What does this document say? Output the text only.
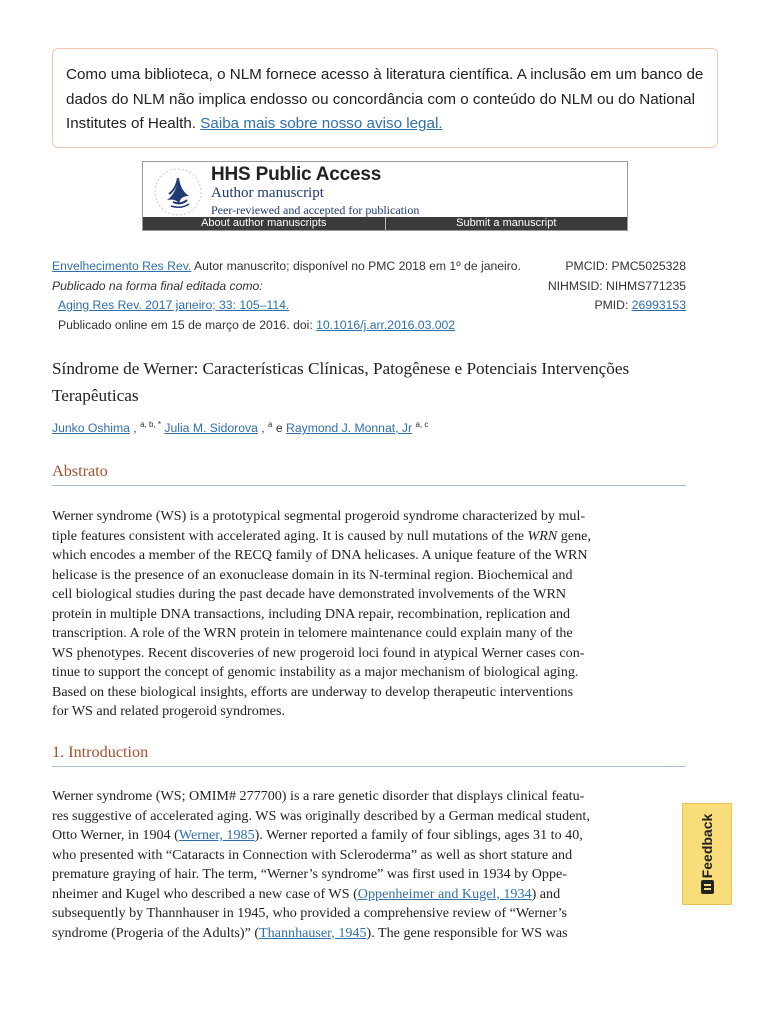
Como uma biblioteca, o NLM fornece acesso à literatura científica. A inclusão em um banco de dados do NLM não implica endosso ou concordância com o conteúdo do NLM ou do National Institutes of Health. Saiba mais sobre nosso aviso legal.
HHS Public Access
Author manuscript
Peer-reviewed and accepted for publication
About author manuscripts	Submit a manuscript
Envelhecimento Res Rev. Autor manuscrito; disponível no PMC 2018 em 1º de janeiro.
Publicado na forma final editada como:
Aging Res Rev. 2017 janeiro; 33: 105–114.
Publicado online em 15 de março de 2016. doi: 10.1016/j.arr.2016.03.002
PMCID: PMC5025328
NIHMSID: NIHMS771235
PMID: 26993153
Síndrome de Werner: Características Clínicas, Patogênese e Potenciais Intervenções Terapêuticas
Junko Oshima , $^{a, b, *}$ Julia M. Sidorova , $^a$ e Raymond J. Monnat, Jr $^{a, c}$
Abstrato
Werner syndrome (WS) is a prototypical segmental progeroid syndrome characterized by mul-
tiple features consistent with accelerated aging. It is caused by null mutations of the WRN gene,
which encodes a member of the RECQ family of DNA helicases. A unique feature of the WRN
helicase is the presence of an exonuclease domain in its N-terminal region. Biochemical and
cell biological studies during the past decade have demonstrated involvements of the WRN
protein in multiple DNA transactions, including DNA repair, recombination, replication and
transcription. A role of the WRN protein in telomere maintenance could explain many of the
WS phenotypes. Recent discoveries of new progeroid loci found in atypical Werner cases con-
tinue to support the concept of genomic instability as a major mechanism of biological aging.
Based on these biological insights, efforts are underway to develop therapeutic interventions
for WS and related progeroid syndromes.
1. Introduction
Werner syndrome (WS; OMIM# 277700) is a rare genetic disorder that displays clinical featu-
res suggestive of accelerated aging. WS was originally described by a German medical student,
Otto Werner, in 1904 (Werner, 1985). Werner reported a family of four siblings, ages 31 to 40,
who presented with “Cataracts in Connection with Scleroderma” as well as short stature and
premature graying of hair. The term, “Werner’s syndrome” was first used in 1934 by Oppe-
nheimer and Kugel who described a new case of WS (Oppenheimer and Kugel, 1934) and
subsequently by Thannhauser in 1945, who provided a comprehensive review of “Werner’s
syndrome (Progeria of the Adults)” (Thannhauser, 1945). The gene responsible for WS was
Feedback
